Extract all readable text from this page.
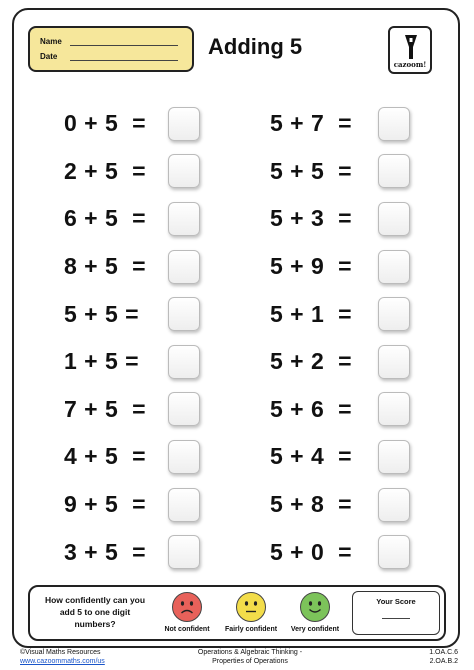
Name
Date	Adding 5
cazoom!
0 + 5  =
2 + 5  =
6 + 5  =
8 + 5  =
5 + 5 =
1 + 5 =
7 + 5  =
4 + 5  =
9 + 5  =
3 + 5  =
5 + 7  =
5 + 5  =
5 + 3  =
5 + 9  =
5 + 1  =
5 + 2  =
5 + 6  =
5 + 4  =
5 + 8  =
5 + 0  =
How confidently can you add 5 to one digit numbers?
Not confident	Fairly confident	Very confident
Your Score
©Visual Maths Resources
www.cazoommaths.com/us
Operations & Algebraic Thinking -
Properties of Operations
1.OA.C.6
2.OA.B.2
